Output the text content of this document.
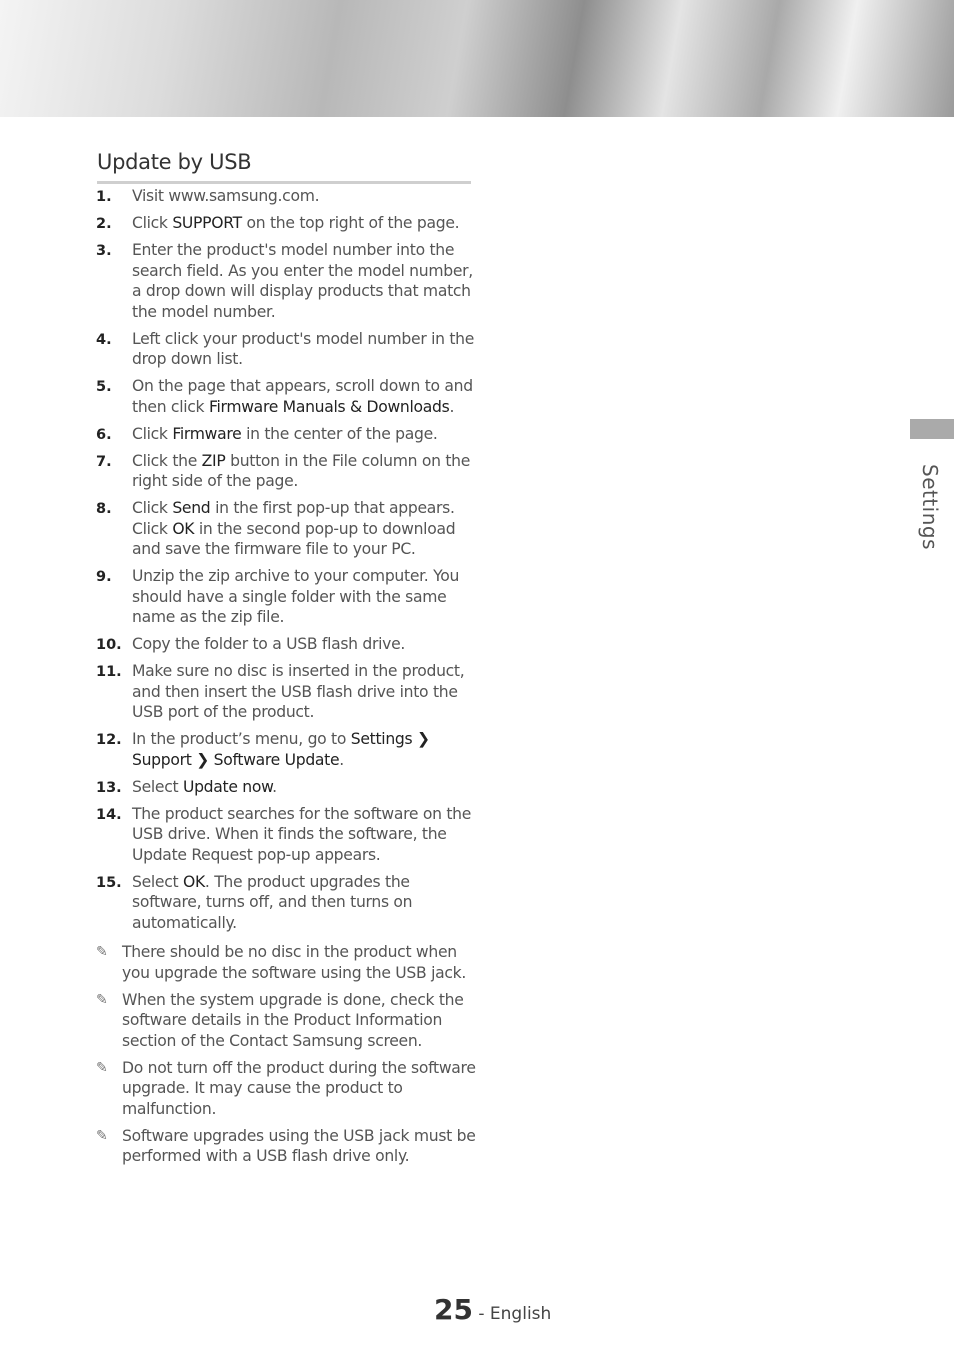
Update by USB
1. Visit www.samsung.com.
2. Click SUPPORT on the top right of the page.
3. Enter the product's model number into the search field. As you enter the model number, a drop down will display products that match the model number.
4. Left click your product's model number in the drop down list.
5. On the page that appears, scroll down to and then click Firmware Manuals & Downloads.
6. Click Firmware in the center of the page.
7. Click the ZIP button in the File column on the right side of the page.
8. Click Send in the first pop-up that appears. Click OK in the second pop-up to download and save the firmware file to your PC.
9. Unzip the zip archive to your computer. You should have a single folder with the same name as the zip file.
10. Copy the folder to a USB flash drive.
11. Make sure no disc is inserted in the product, and then insert the USB flash drive into the USB port of the product.
12. In the product’s menu, go to Settings ❯ Support ❯ Software Update.
13. Select Update now.
14. The product searches for the software on the USB drive. When it finds the software, the Update Request pop-up appears.
15. Select OK. The product upgrades the software, turns off, and then turns on automatically.
✎ There should be no disc in the product when you upgrade the software using the USB jack.
✎ When the system upgrade is done, check the software details in the Product Information section of the Contact Samsung screen.
✎ Do not turn off the product during the software upgrade. It may cause the product to malfunction.
✎ Software upgrades using the USB jack must be performed with a USB flash drive only.
Settings
25 - English
